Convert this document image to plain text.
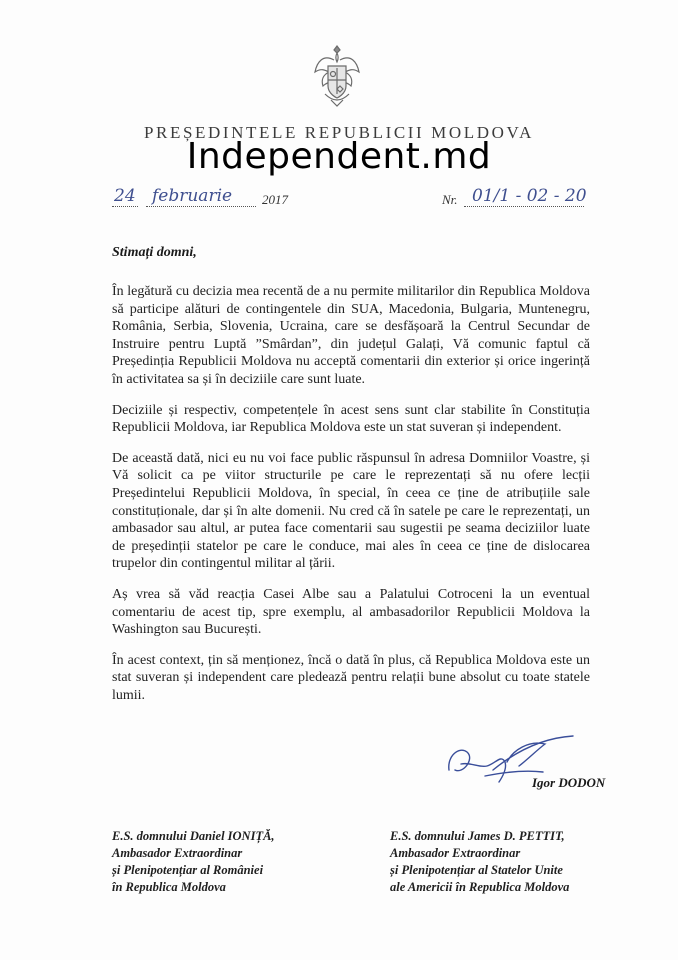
PREȘEDINTELE REPUBLICII MOLDOVA
Independent.md
24 februarie 2017	Nr. 01/1 - 02 - 20
Stimați domni,

În legătură cu decizia mea recentă de a nu permite militarilor din Republica Moldova să participe alături de contingentele din SUA, Macedonia, Bulgaria, Muntenegru, România, Serbia, Slovenia, Ucraina, care se desfășoară la Centrul Secundar de Instruire pentru Luptă ”Smârdan”, din județul Galați, Vă comunic faptul că Președinția Republicii Moldova nu acceptă comentarii din exterior și orice ingerință în activitatea sa și în deciziile care sunt luate.

Deciziile și respectiv, competențele în acest sens sunt clar stabilite în Constituția Republicii Moldova, iar Republica Moldova este un stat suveran și independent.

De această dată, nici eu nu voi face public răspunsul în adresa Domniilor Voastre, și Vă solicit ca pe viitor structurile pe care le reprezentați să nu ofere lecții Președintelui Republicii Moldova, în special, în ceea ce ține de atribuțiile sale constituționale, dar și în alte domenii. Nu cred că în satele pe care le reprezentați, un ambasador sau altul, ar putea face comentarii sau sugestii pe seama deciziilor luate de președinții statelor pe care le conduce, mai ales în ceea ce ține de dislocarea trupelor din contingentul militar al țării.

Aș vrea să văd reacția Casei Albe sau a Palatului Cotroceni la un eventual comentariu de acest tip, spre exemplu, al ambasadorilor Republicii Moldova la Washington sau București.

În acest context, țin să menționez, încă o dată în plus, că Republica Moldova este un stat suveran și independent care pledează pentru relații bune absolut cu toate statele lumii.

Igor DODON
E.S. domnului Daniel IONIȚĂ,
Ambasador Extraordinar
și Plenipotențiar al României
în Republica Moldova
E.S. domnului James D. PETTIT,
Ambasador Extraordinar
și Plenipotențiar al Statelor Unite
ale Americii în Republica Moldova
